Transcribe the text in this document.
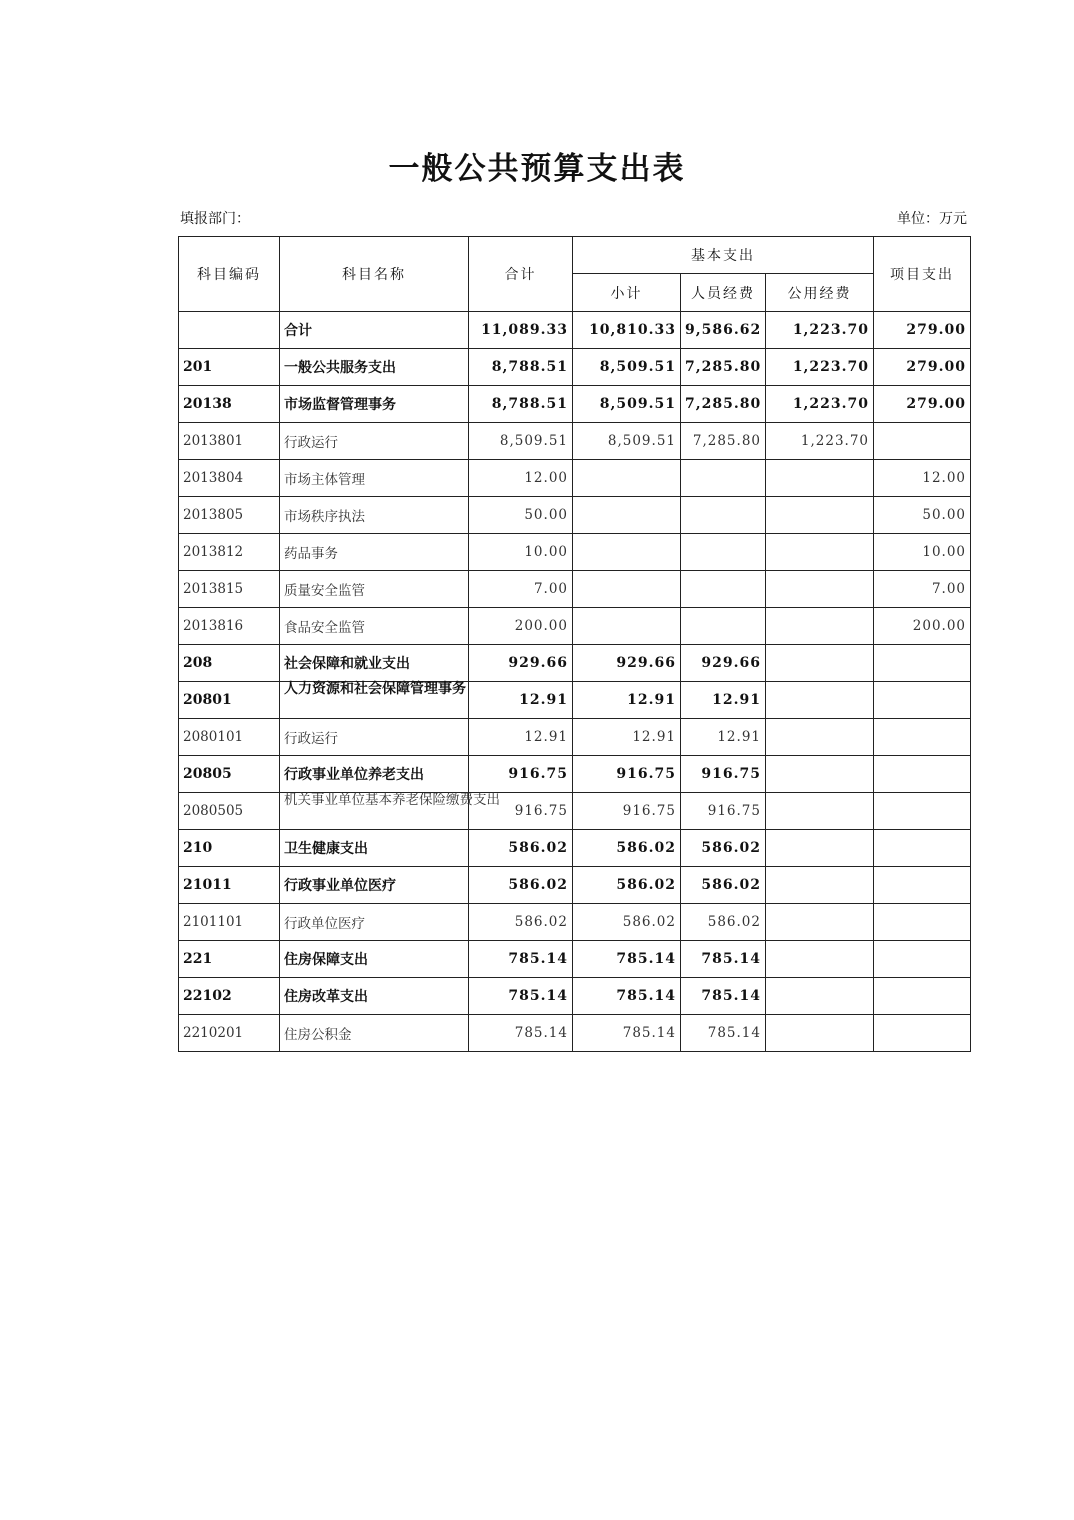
一般公共预算支出表
填报部门：	单位：万元
科目编码	科目名称	合计	基本支出			项目支出
			小计	人员经费	公用经费	
	合计	11,089.33	10,810.33	9,586.62	1,223.70	279.00
201	一般公共服务支出	8,788.51	8,509.51	7,285.80	1,223.70	279.00
20138	市场监督管理事务	8,788.51	8,509.51	7,285.80	1,223.70	279.00
2013801	行政运行	8,509.51	8,509.51	7,285.80	1,223.70	
2013804	市场主体管理	12.00				12.00
2013805	市场秩序执法	50.00				50.00
2013812	药品事务	10.00				10.00
2013815	质量安全监管	7.00				7.00
2013816	食品安全监管	200.00				200.00
208	社会保障和就业支出	929.66	929.66	929.66		
20801	人力资源和社会保障管理事务	12.91	12.91	12.91		
2080101	行政运行	12.91	12.91	12.91		
20805	行政事业单位养老支出	916.75	916.75	916.75		
2080505	机关事业单位基本养老保险缴费支出	916.75	916.75	916.75		
210	卫生健康支出	586.02	586.02	586.02		
21011	行政事业单位医疗	586.02	586.02	586.02		
2101101	行政单位医疗	586.02	586.02	586.02		
221	住房保障支出	785.14	785.14	785.14		
22102	住房改革支出	785.14	785.14	785.14		
2210201	住房公积金	785.14	785.14	785.14		
